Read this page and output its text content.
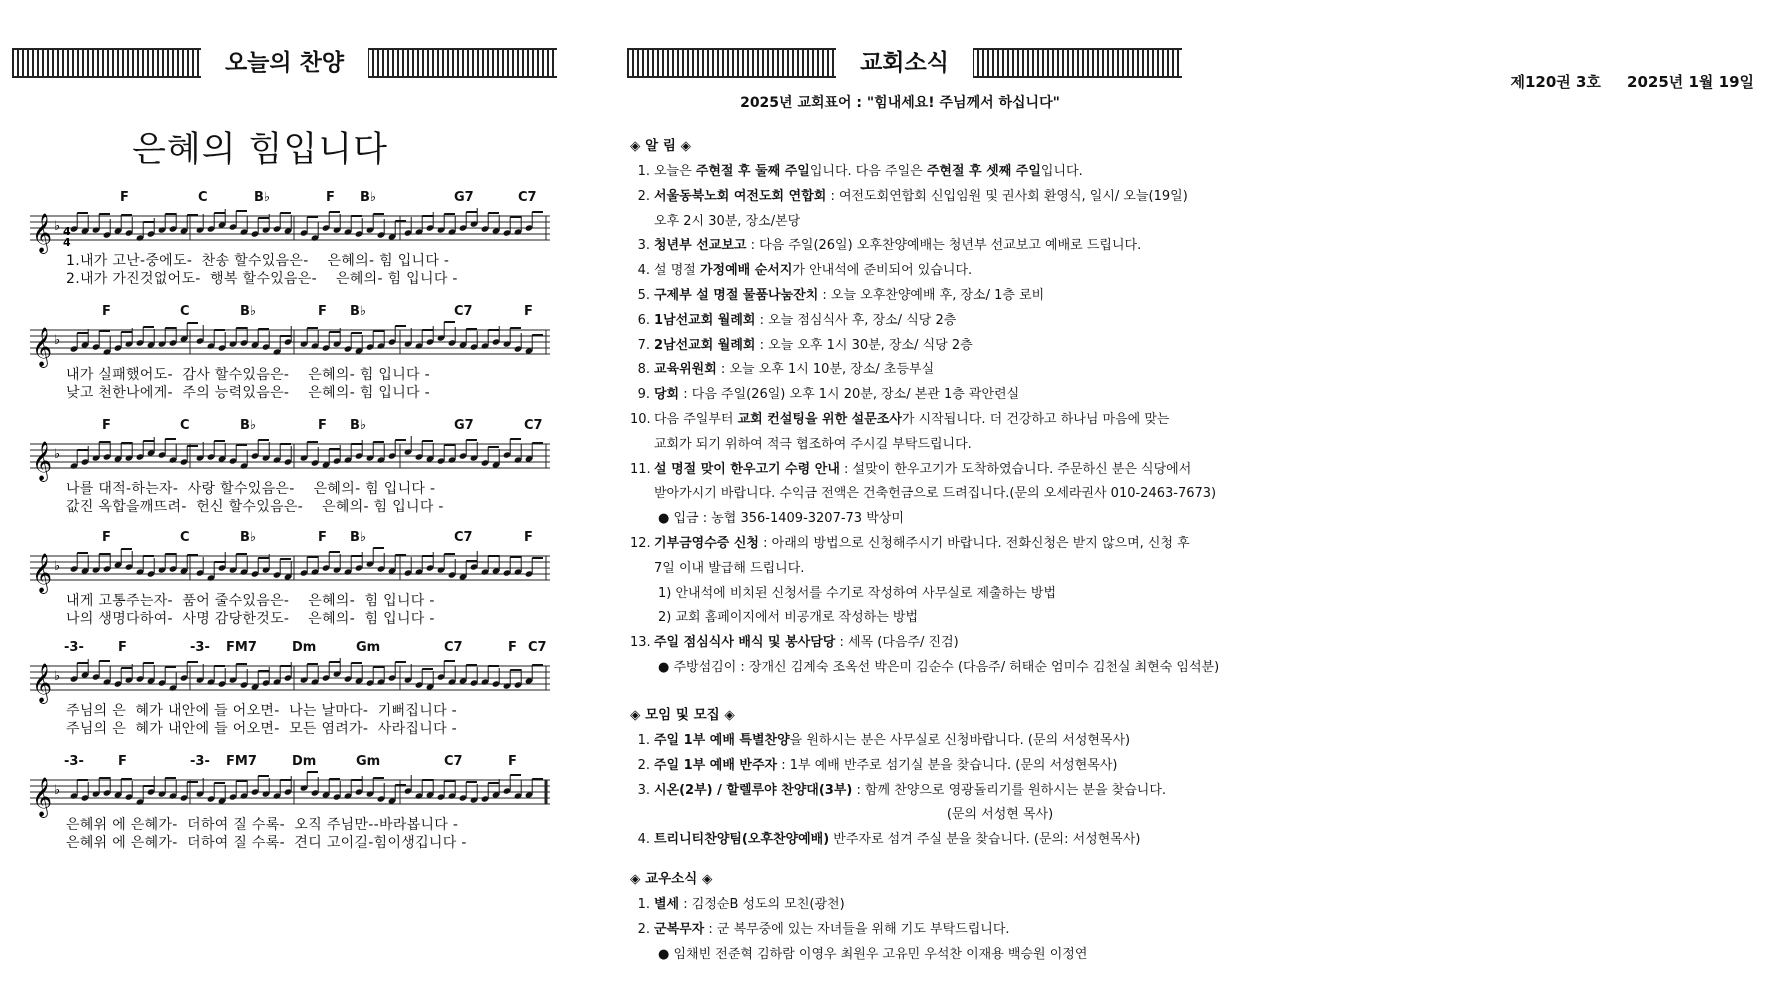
오늘의 찬양	교회소식

제120권 3호 2025년 1월 19일

은혜의 힘입니다
F	C	B♭	F B♭	G7	C7
𝄞 ♭ 4
4
1.내가 고난-중에도-  찬송 할수있음은-    은혜의- 힘 입니다 -
2.내가 가진것없어도-  행복 할수있음은-    은혜의- 힘 입니다 -
F	C	B♭	F B♭	C7	F
𝄞 ♭
내가 실패했어도-  감사 할수있음은-    은혜의- 힘 입니다 -
낮고 천한나에게-  주의 능력있음은-    은혜의- 힘 입니다 -
F	C	B♭	F B♭	G7	C7
𝄞 ♭
나를 대적-하는자-  사랑 할수있음은-    은혜의- 힘 입니다 -
값진 옥합을깨뜨려-  헌신 할수있음은-    은혜의- 힘 입니다 -
F	C	B♭	F B♭	C7	F
𝄞 ♭
내게 고통주는자-  품어 줄수있음은-    은혜의-  힘 입니다 -
나의 생명다하여-  사명 감당한것도-    은혜의-  힘 입니다 -
-3-	F	-3- FM7	Dm	Gm	C7	F C7
𝄞 ♭
주님의 은  혜가 내안에 들 어오면-  나는 날마다-  기뻐집니다 -
주님의 은  혜가 내안에 들 어오면-  모든 염려가-  사라집니다 -
-3-	F	-3- FM7	Dm	Gm	C7	F
𝄞 ♭
은혜위 에 은혜가-  더하여 질 수록-  오직 주님만--바라봅니다 -
은혜위 에 은혜가-  더하여 질 수록-  견디 고이길-힘이생깁니다 -
2025년 교회표어 : "힘내세요! 주님께서 하십니다"
◈ 알 림 ◈
1. 오늘은 주현절 후 둘째 주일입니다. 다음 주일은 주현절 후 셋째 주일입니다.
2. 서울동북노회 여전도회 연합회 : 여전도회연합회 신입임원 및 권사회 환영식, 일시/ 오늘(19일)
오후 2시 30분, 장소/본당
3. 청년부 선교보고 : 다음 주일(26일) 오후찬양예배는 청년부 선교보고 예배로 드립니다.
4. 설 명절 가정예배 순서지가 안내석에 준비되어 있습니다.
5. 구제부 설 명절 물품나눔잔치 : 오늘 오후찬양예배 후, 장소/ 1층 로비
6. 1남선교회 월례회 : 오늘 점심식사 후, 장소/ 식당 2층
7. 2남선교회 월례회 : 오늘 오후 1시 30분, 장소/ 식당 2층
8. 교육위원회 : 오늘 오후 1시 10분, 장소/ 초등부실
9. 당회 : 다음 주일(26일) 오후 1시 20분, 장소/ 본관 1층 곽안련실
10. 다음 주일부터 교회 컨설팅을 위한 설문조사가 시작됩니다. 더 건강하고 하나님 마음에 맞는
교회가 되기 위하여 적극 협조하여 주시길 부탁드립니다.
11. 설 명절 맞이 한우고기 수령 안내 : 설맞이 한우고기가 도착하였습니다. 주문하신 분은 식당에서
받아가시기 바랍니다. 수익금 전액은 건축헌금으로 드려집니다.(문의 오세라권사 010-2463-7673)
● 입금 : 농협 356-1409-3207-73 박상미
12. 기부금영수증 신청 : 아래의 방법으로 신청해주시기 바랍니다. 전화신청은 받지 않으며, 신청 후
7일 이내 발급해 드립니다.
1) 안내석에 비치된 신청서를 수기로 작성하여 사무실로 제출하는 방법
2) 교회 홈페이지에서 비공개로 작성하는 방법
13. 주일 점심식사 배식 및 봉사담당 : 세목 (다음주/ 진검)
● 주방섬김이 : 장개신 김계숙 조옥선 박은미 김순수 (다음주/ 허태순 엄미수 김천실 최현숙 임석분)
◈ 모임 및 모집 ◈
1. 주일 1부 예배 특별찬양을 원하시는 분은 사무실로 신청바랍니다. (문의 서성현목사)
2. 주일 1부 예배 반주자 : 1부 예배 반주로 섬기실 분을 찾습니다. (문의 서성현목사)
3. 시온(2부) / 할렐루야 찬양대(3부) : 함께 찬양으로 영광돌리기를 원하시는 분을 찾습니다.
(문의 서성현 목사)
4. 트리니티찬양팀(오후찬양예배) 반주자로 섬겨 주실 분을 찾습니다. (문의: 서성현목사)
◈ 교우소식 ◈
1. 별세 : 김정순B 성도의 모친(광천)
2. 군복무자 : 군 복무중에 있는 자녀들을 위해 기도 부탁드립니다.
● 임채빈 전준혁 김하람 이영우 최원우 고유민 우석찬 이재용 백승원 이정연
